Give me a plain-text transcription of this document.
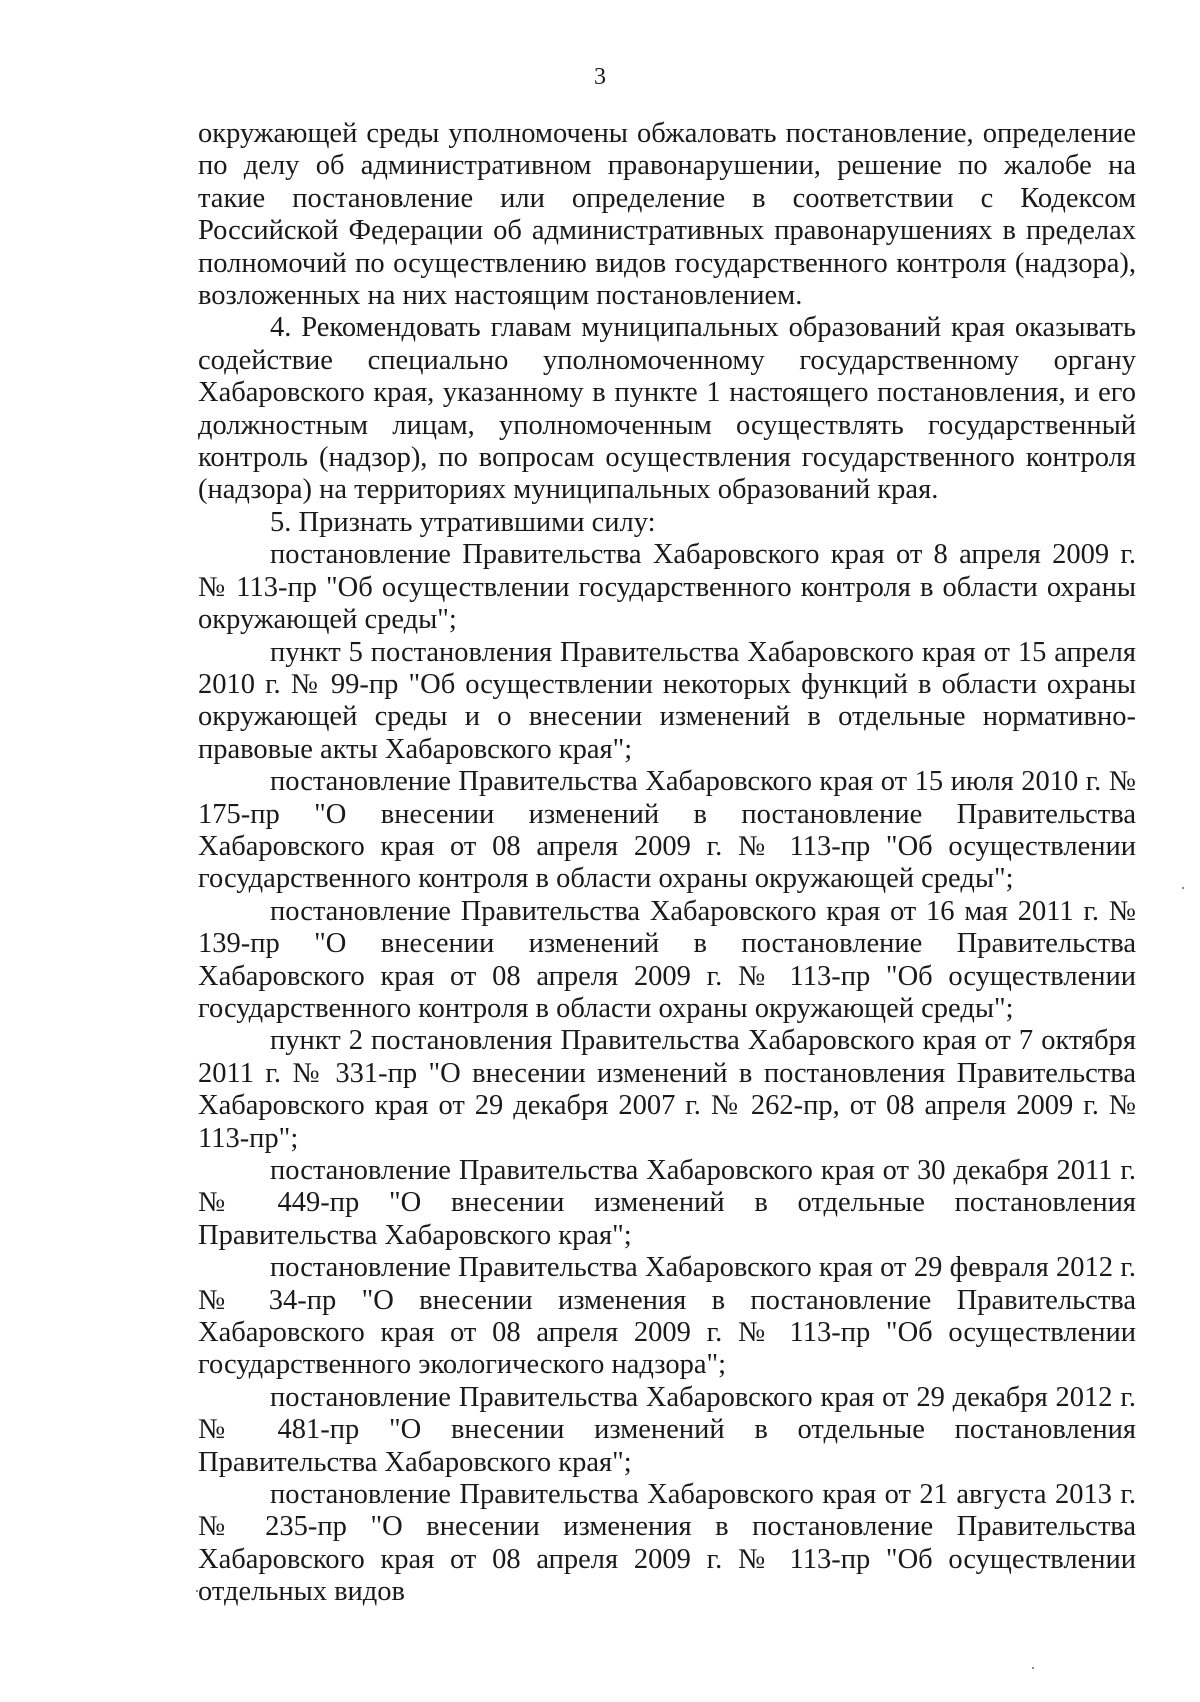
3

окружающей среды уполномочены обжаловать постановление, определение по делу об административном правонарушении, решение по жалобе на такие постановление или определение в соответствии с Кодексом Российской Федерации об административных правонарушениях в пределах полномочий по осуществлению видов государственного контроля (надзора), возложенных на них настоящим постановлением.

4. Рекомендовать главам муниципальных образований края оказывать содействие специально уполномоченному государственному органу Хабаровского края, указанному в пункте 1 настоящего постановления, и его должностным лицам, уполномоченным осуществлять государственный контроль (надзор), по вопросам осуществления государственного контроля (надзора) на территориях муниципальных образований края.

5. Признать утратившими силу:

постановление Правительства Хабаровского края от 8 апреля 2009 г. № 113-пр "Об осуществлении государственного контроля в области охраны окружающей среды";

пункт 5 постановления Правительства Хабаровского края от 15 апреля 2010 г. № 99-пр "Об осуществлении некоторых функций в области охраны окружающей среды и о внесении изменений в отдельные нормативно-правовые акты Хабаровского края";

постановление Правительства Хабаровского края от 15 июля 2010 г. № 175-пр "О внесении изменений в постановление Правительства Хабаровского края от 08 апреля 2009 г. № 113-пр "Об осуществлении государственного контроля в области охраны окружающей среды";

постановление Правительства Хабаровского края от 16 мая 2011 г. № 139-пр "О внесении изменений в постановление Правительства Хабаровского края от 08 апреля 2009 г. № 113-пр "Об осуществлении государственного контроля в области охраны окружающей среды";

пункт 2 постановления Правительства Хабаровского края от 7 октября 2011 г. № 331-пр "О внесении изменений в постановления Правительства Хабаровского края от 29 декабря 2007 г. № 262-пр, от 08 апреля 2009 г. № 113-пр";

постановление Правительства Хабаровского края от 30 декабря 2011 г. № 449-пр "О внесении изменений в отдельные постановления Правительства Хабаровского края";

постановление Правительства Хабаровского края от 29 февраля 2012 г. № 34-пр "О внесении изменения в постановление Правительства Хабаровского края от 08 апреля 2009 г. № 113-пр "Об осуществлении государственного экологического надзора";

постановление Правительства Хабаровского края от 29 декабря 2012 г. № 481-пр "О внесении изменений в отдельные постановления Правительства Хабаровского края";

постановление Правительства Хабаровского края от 21 августа 2013 г. № 235-пр "О внесении изменения в постановление Правительства Хабаровского края от 08 апреля 2009 г. № 113-пр "Об осуществлении отдельных видов
